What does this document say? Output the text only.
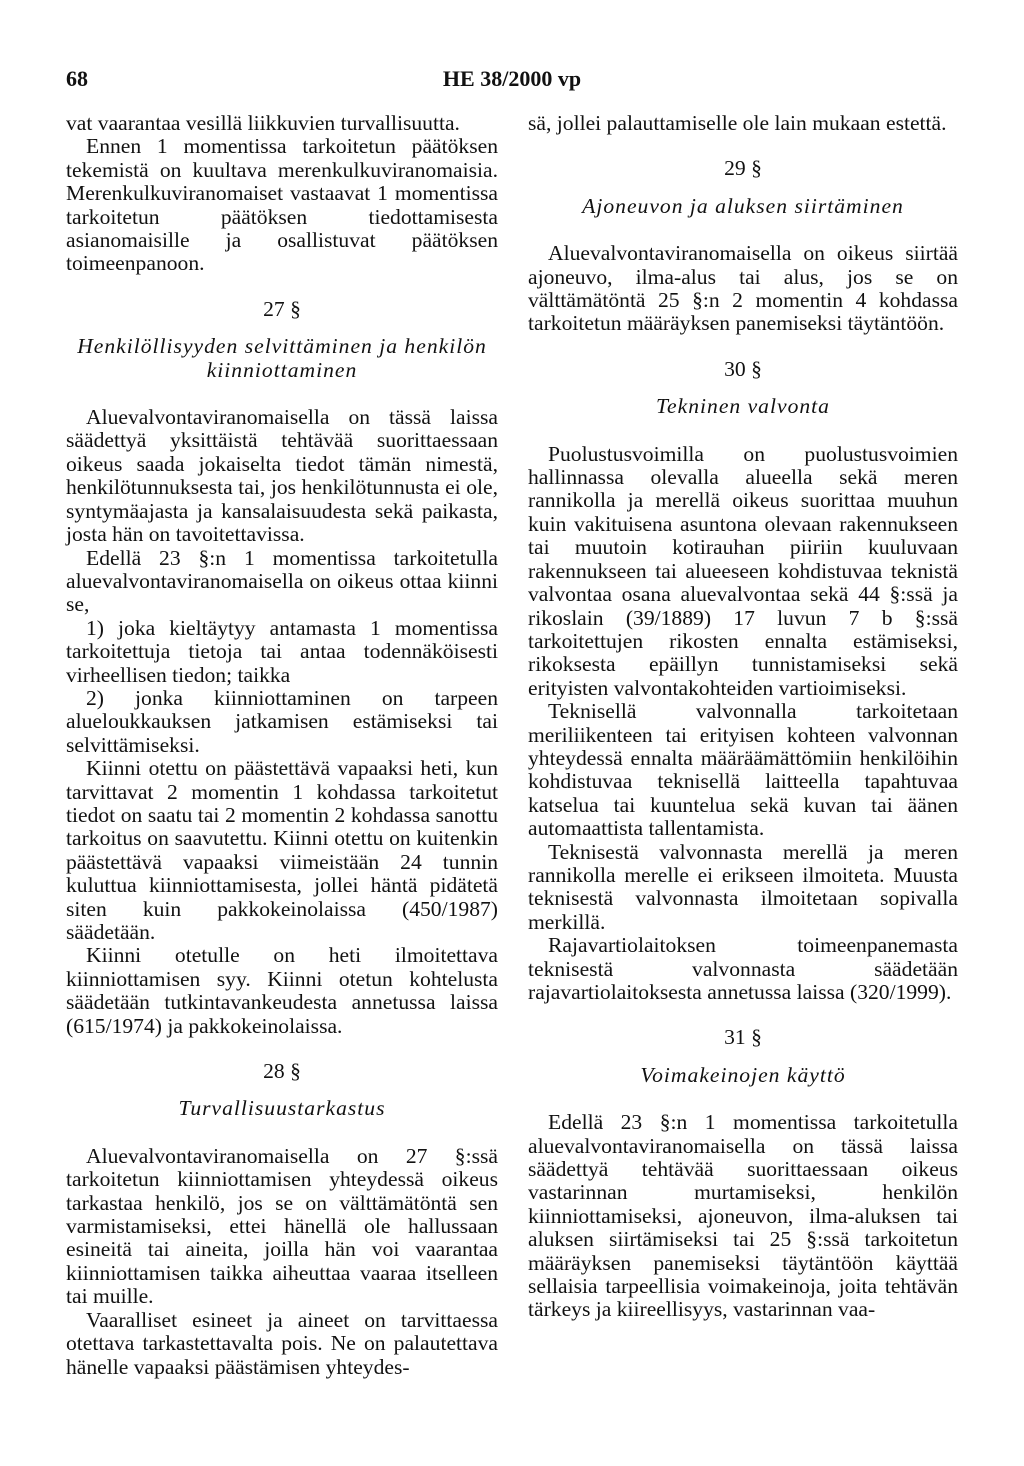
68	HE 38/2000 vp

vat vaarantaa vesillä liikkuvien turvallisuutta.

Ennen 1 momentissa tarkoitetun päätöksen tekemistä on kuultava merenkulkuviranomaisia. Merenkulkuviranomaiset vastaavat 1 momentissa tarkoitetun päätöksen tiedottamisesta asianomaisille ja osallistuvat päätöksen toimeenpanoon.

27 §
Henkilöllisyyden selvittäminen ja henkilön kiinniottaminen

Aluevalvontaviranomaisella on tässä laissa säädettyä yksittäistä tehtävää suorittaessaan oikeus saada jokaiselta tiedot tämän nimestä, henkilötunnuksesta tai, jos henkilötunnusta ei ole, syntymäajasta ja kansalaisuudesta sekä paikasta, josta hän on tavoitettavissa.

Edellä 23 §:n 1 momentissa tarkoitetulla aluevalvontaviranomaisella on oikeus ottaa kiinni se,

1) joka kieltäytyy antamasta 1 momentissa tarkoitettuja tietoja tai antaa todennäköisesti virheellisen tiedon; taikka

2) jonka kiinniottaminen on tarpeen alueloukkauksen jatkamisen estämiseksi tai selvittämiseksi.

Kiinni otettu on päästettävä vapaaksi heti, kun tarvittavat 2 momentin 1 kohdassa tarkoitetut tiedot on saatu tai 2 momentin 2 kohdassa sanottu tarkoitus on saavutettu. Kiinni otettu on kuitenkin päästettävä vapaaksi viimeistään 24 tunnin kuluttua kiinniottamisesta, jollei häntä pidätetä siten kuin pakkokeinolaissa (450/1987) säädetään.

Kiinni otetulle on heti ilmoitettava kiinniottamisen syy. Kiinni otetun kohtelusta säädetään tutkintavankeudesta annetussa laissa (615/1974) ja pakkokeinolaissa.

28 §
Turvallisuustarkastus

Aluevalvontaviranomaisella on 27 §:ssä tarkoitetun kiinniottamisen yhteydessä oikeus tarkastaa henkilö, jos se on välttämätöntä sen varmistamiseksi, ettei hänellä ole hallussaan esineitä tai aineita, joilla hän voi vaarantaa kiinniottamisen taikka aiheuttaa vaaraa itselleen tai muille.

Vaaralliset esineet ja aineet on tarvittaessa otettava tarkastettavalta pois. Ne on palautettava hänelle vapaaksi päästämisen yhteydes-

sä, jollei palauttamiselle ole lain mukaan estettä.

29 §
Ajoneuvon ja aluksen siirtäminen

Aluevalvontaviranomaisella on oikeus siirtää ajoneuvo, ilma-alus tai alus, jos se on välttämätöntä 25 §:n 2 momentin 4 kohdassa tarkoitetun määräyksen panemiseksi täytäntöön.

30 §
Tekninen valvonta

Puolustusvoimilla on puolustusvoimien hallinnassa olevalla alueella sekä meren rannikolla ja merellä oikeus suorittaa muuhun kuin vakituisena asuntona olevaan rakennukseen tai muutoin kotirauhan piiriin kuuluvaan rakennukseen tai alueeseen kohdistuvaa teknistä valvontaa osana aluevalvontaa sekä 44 §:ssä ja rikoslain (39/1889) 17 luvun 7 b §:ssä tarkoitettujen rikosten ennalta estämiseksi, rikoksesta epäillyn tunnistamiseksi sekä erityisten valvontakohteiden vartioimiseksi.

Teknisellä valvonnalla tarkoitetaan meriliikenteen tai erityisen kohteen valvonnan yhteydessä ennalta määräämättömiin henkilöihin kohdistuvaa teknisellä laitteella tapahtuvaa katselua tai kuuntelua sekä kuvan tai äänen automaattista tallentamista.

Teknisestä valvonnasta merellä ja meren rannikolla merelle ei erikseen ilmoiteta. Muusta teknisestä valvonnasta ilmoitetaan sopivalla merkillä.

Rajavartiolaitoksen toimeenpanemasta teknisestä valvonnasta säädetään rajavartiolaitoksesta annetussa laissa (320/1999).

31 §
Voimakeinojen käyttö

Edellä 23 §:n 1 momentissa tarkoitetulla aluevalvontaviranomaisella on tässä laissa säädettyä tehtävää suorittaessaan oikeus vastarinnan murtamiseksi, henkilön kiinniottamiseksi, ajoneuvon, ilma-aluksen tai aluksen siirtämiseksi tai 25 §:ssä tarkoitetun määräyksen panemiseksi täytäntöön käyttää sellaisia tarpeellisia voimakeinoja, joita tehtävän tärkeys ja kiireellisyys, vastarinnan vaa-
